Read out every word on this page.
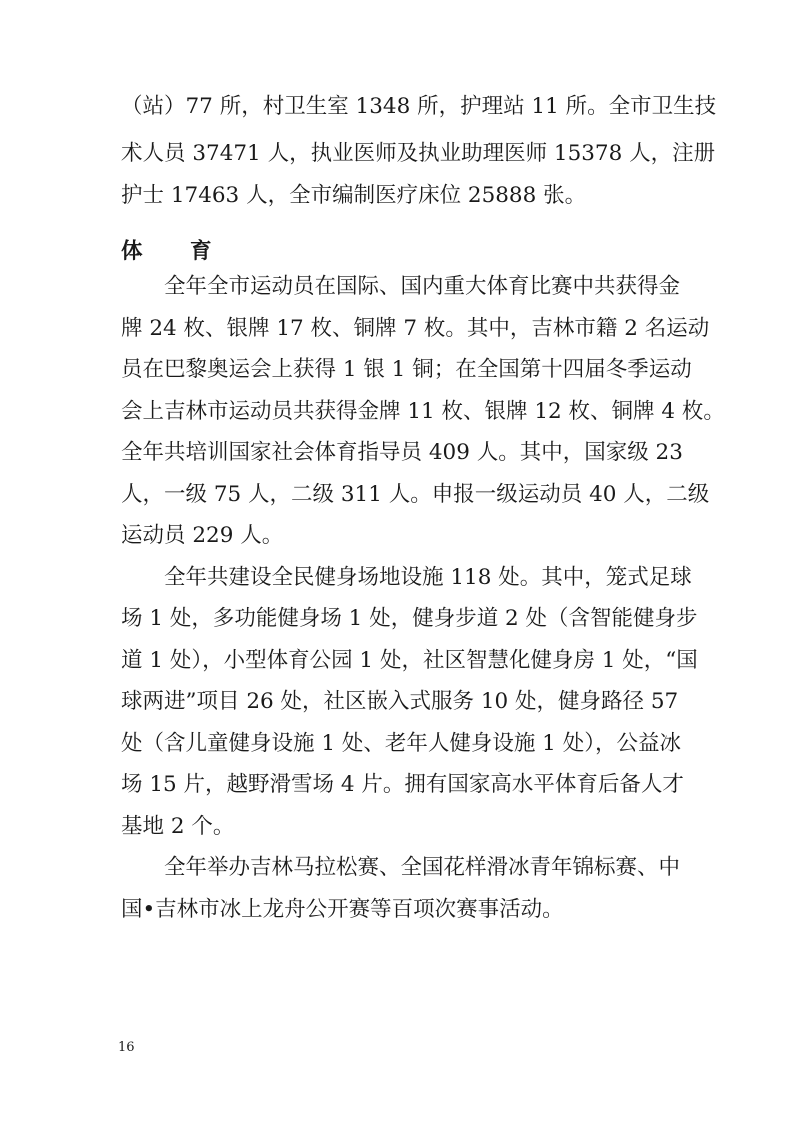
（站）77 所，村卫生室 1348 所，护理站 11 所。全市卫生技
术人员 37471 人，执业医师及执业助理医师 15378 人，注册
护士 17463 人，全市编制医疗床位 25888 张。
体 育
全年全市运动员在国际、国内重大体育比赛中共获得金
牌 24 枚、银牌 17 枚、铜牌 7 枚。其中，吉林市籍 2 名运动
员在巴黎奥运会上获得 1 银 1 铜；在全国第十四届冬季运动
会上吉林市运动员共获得金牌 11 枚、银牌 12 枚、铜牌 4 枚。
全年共培训国家社会体育指导员 409 人。其中，国家级 23
人，一级 75 人，二级 311 人。申报一级运动员 40 人，二级
运动员 229 人。
全年共建设全民健身场地设施 118 处。其中，笼式足球
场 1 处，多功能健身场 1 处，健身步道 2 处（含智能健身步
道 1 处），小型体育公园 1 处，社区智慧化健身房 1 处，“国
球两进”项目 26 处，社区嵌入式服务 10 处，健身路径 57
处（含儿童健身设施 1 处、老年人健身设施 1 处），公益冰
场 15 片，越野滑雪场 4 片。拥有国家高水平体育后备人才
基地 2 个。
全年举办吉林马拉松赛、全国花样滑冰青年锦标赛、中
国•吉林市冰上龙舟公开赛等百项次赛事活动。
16
